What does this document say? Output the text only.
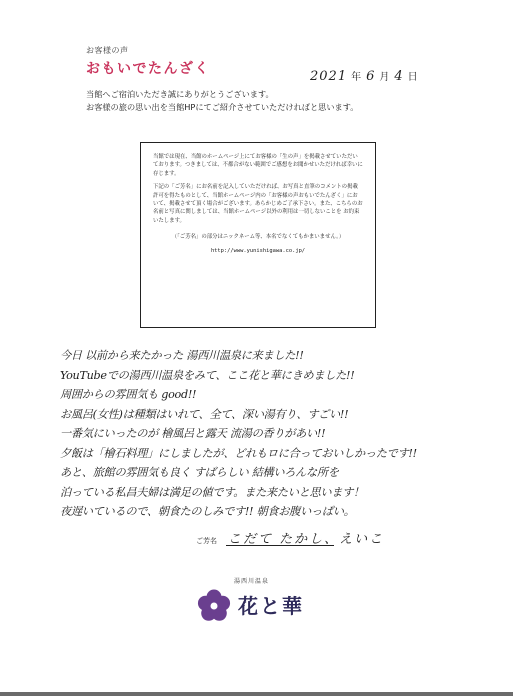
お客様の声
おもいでたんざく	2021 年 6 月 4 日
当館へご宿泊いただき誠にありがとうございます。
お客様の旅の思い出を当館HPにてご紹介させていただければと思います。

当館では現在、当館のホームページ上にてお客様の「生の声」を掲載させていただいております。つきましては、不都合がない範囲でご感想をお聞かせいただければ幸いに存じます。

下記の「ご芳名」にお名前を記入していただければ、お写真と直筆のコメントの掲載許可を得たものとして、当館ホームページ内の「お客様の声おもいでたんざく」において、掲載させて頂く場合がございます。あらかじめご了承下さい。また、こちらのお名前と写真に関しましては、当館ホームページ以外の利用は一切しないことを お約束いたします。

（「ご芳名」の部分はニックネーム等、本名でなくてもかまいません。）

http://www.yunishigawa.co.jp/

今日 以前から来たかった 湯西川温泉に来ました!!
YouTubeでの湯西川温泉をみて、ここ花と華にきめました!!
周囲からの雰囲気も good!!
お風呂(女性)は種類はいれて、全て、深い湯有り、すごい!!
一番気にいったのが 檜風呂と露天 流湯の香りがあい!!
夕飯は「檜石料理」にしましたが、どれもロに合っておいしかったです!!
あと、旅館の雰囲気も良く すばらしい 結構いろんな所を
泊っている私昌夫婦は満足の値です。また来たいと思います！
夜遅いているので、朝食たのしみです!! 朝食お腹いっぱい。
ご芳名 こだて たかし、えいこ
湯西川温泉
花と華
